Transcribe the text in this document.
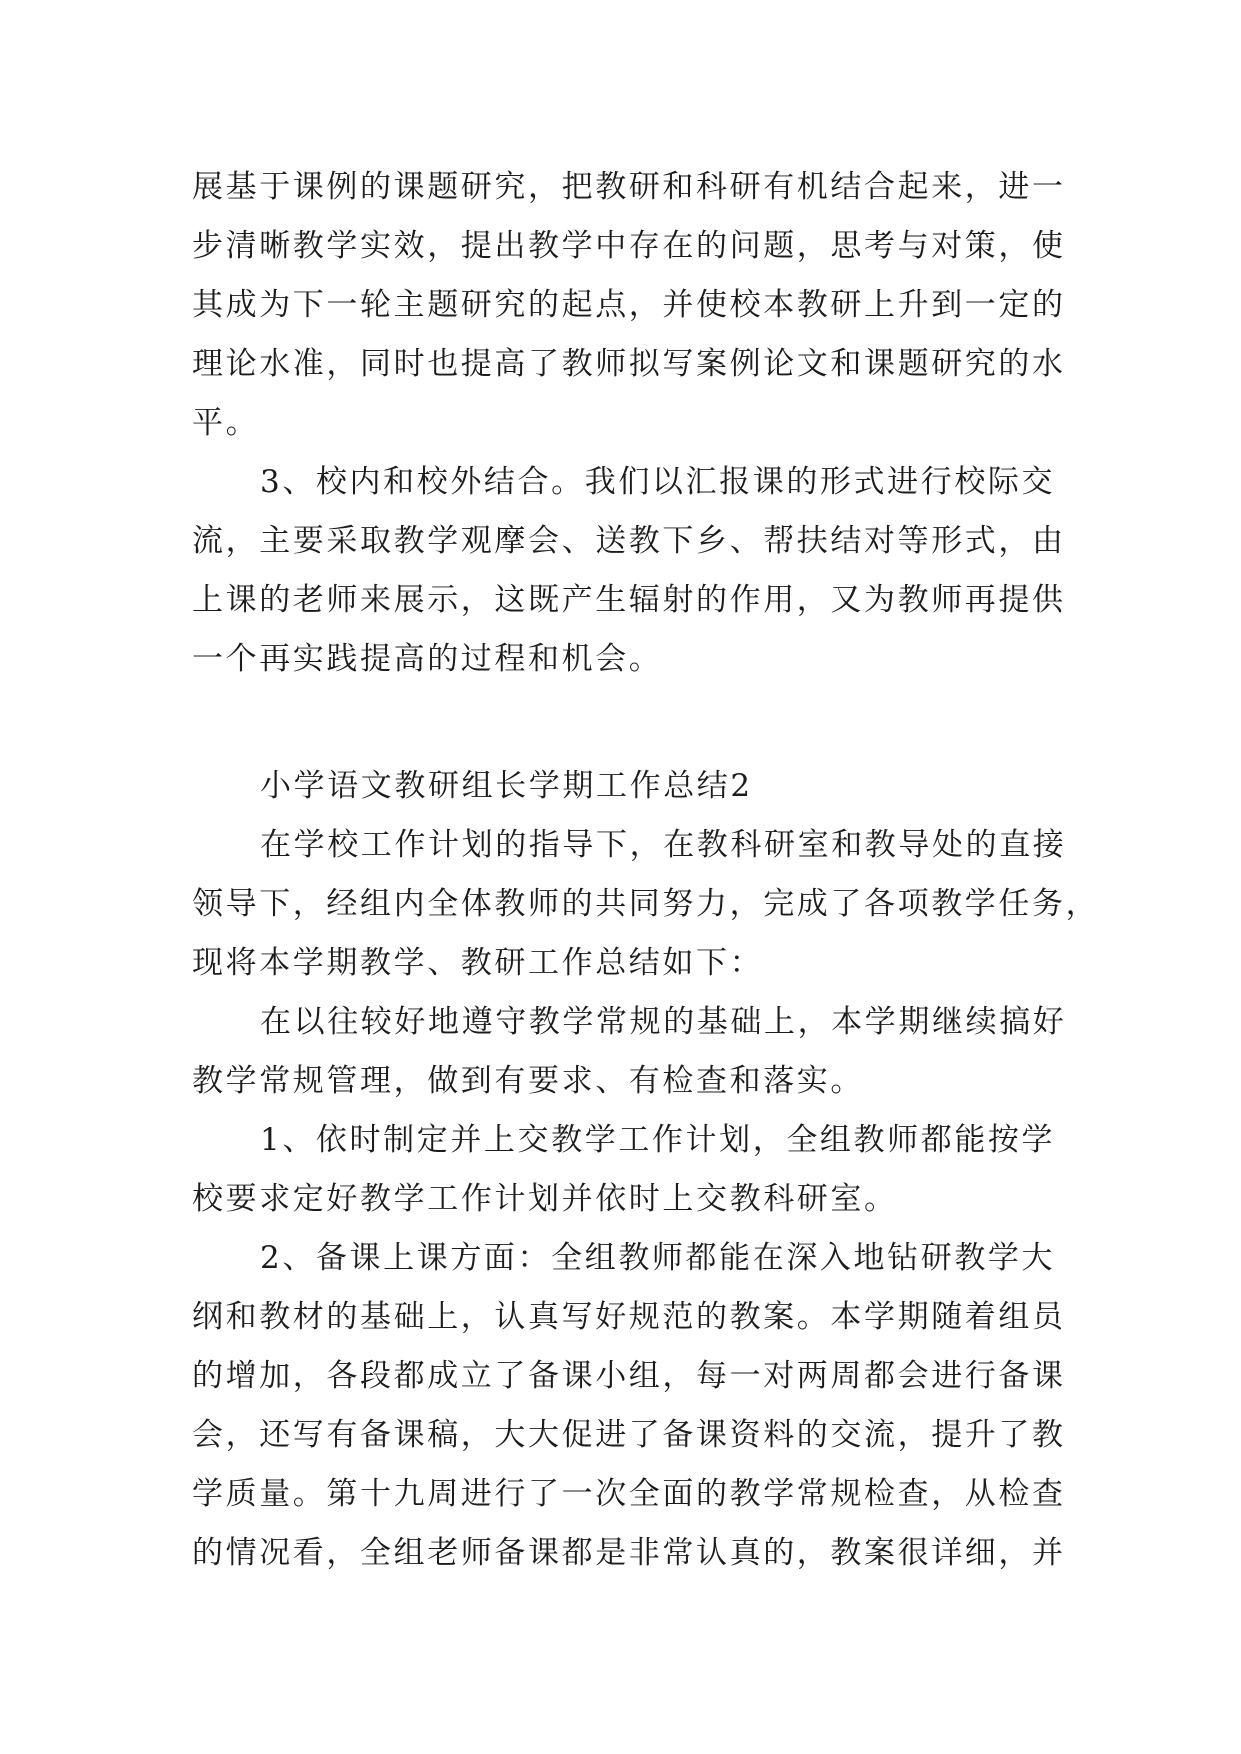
展基于课例的课题研究，把教研和科研有机结合起来，进一
步清晰教学实效，提出教学中存在的问题，思考与对策，使
其成为下一轮主题研究的起点，并使校本教研上升到一定的
理论水准，同时也提高了教师拟写案例论文和课题研究的水
平。
3、校内和校外结合。我们以汇报课的形式进行校际交
流，主要采取教学观摩会、送教下乡、帮扶结对等形式，由
上课的老师来展示，这既产生辐射的作用，又为教师再提供
一个再实践提高的过程和机会。
小学语文教研组长学期工作总结2
在学校工作计划的指导下，在教科研室和教导处的直接
领导下，经组内全体教师的共同努力，完成了各项教学任务，
现将本学期教学、教研工作总结如下：
在以往较好地遵守教学常规的基础上，本学期继续搞好
教学常规管理，做到有要求、有检查和落实。
1、依时制定并上交教学工作计划，全组教师都能按学
校要求定好教学工作计划并依时上交教科研室。
2、备课上课方面：全组教师都能在深入地钻研教学大
纲和教材的基础上，认真写好规范的教案。本学期随着组员
的增加，各段都成立了备课小组，每一对两周都会进行备课
会，还写有备课稿，大大促进了备课资料的交流，提升了教
学质量。第十九周进行了一次全面的教学常规检查，从检查
的情况看，全组老师备课都是非常认真的，教案很详细，并
